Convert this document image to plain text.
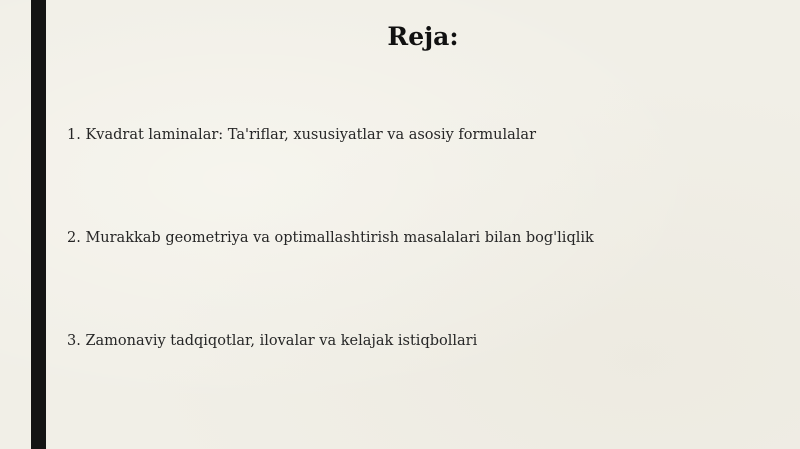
Reja:
1. Kvadrat laminalar: Ta'riflar, xususiyatlar va asosiy formulalar
2. Murakkab geometriya va optimallashtirish masalalari bilan bog'liqlik
3. Zamonaviy tadqiqotlar, ilovalar va kelajak istiqbollari
